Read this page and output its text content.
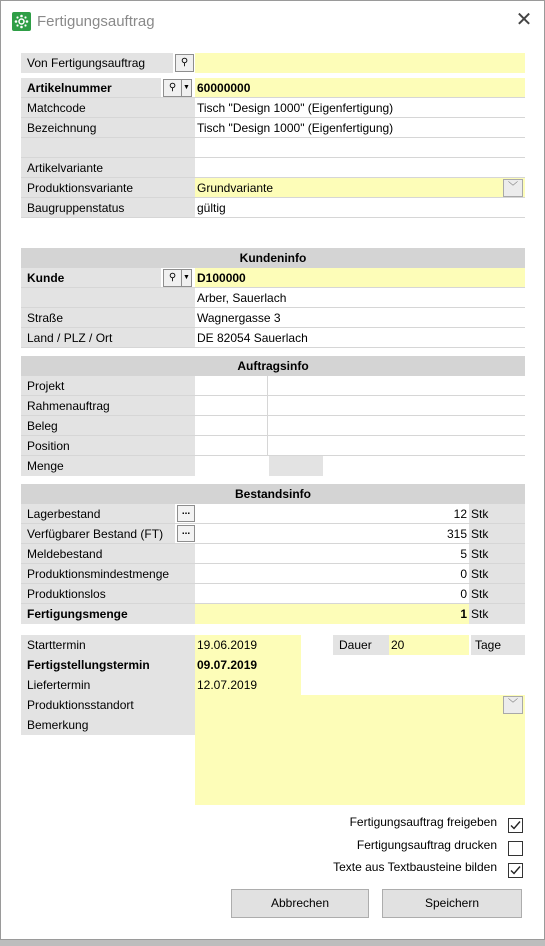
Fertigungsauftrag	✕
Von Fertigungsauftrag	⚲
Artikelnummer	⚲ ▼ 60000000
Matchcode	Tisch "Design 1000" (Eigenfertigung)
Bezeichnung	Tisch "Design 1000" (Eigenfertigung)
Artikelvariante
Produktionsvariante	Grundvariante	﹀
Baugruppenstatus	gültig
Kundeninfo
Kunde	⚲ ▼ D100000
Arber, Sauerlach
Straße	Wagnergasse 3
Land / PLZ / Ort	DE 82054 Sauerlach
Auftragsinfo
Projekt
Rahmenauftrag
Beleg
Position
Menge
Bestandsinfo
Lagerbestand	...	12 Stk
Verfügbarer Bestand (FT)	...	315 Stk
Meldebestand	5 Stk
Produktionsmindestmenge	0 Stk
Produktionslos	0 Stk
Fertigungsmenge	1 Stk
Starttermin	19.06.2019	Dauer	20	Tage
Fertigstellungstermin	09.07.2019
Liefertermin	12.07.2019
Produktionsstandort	﹀
Bemerkung
Fertigungsauftrag freigeben
Fertigungsauftrag drucken
Texte aus Textbausteine bilden
Abbrechen	Speichern
